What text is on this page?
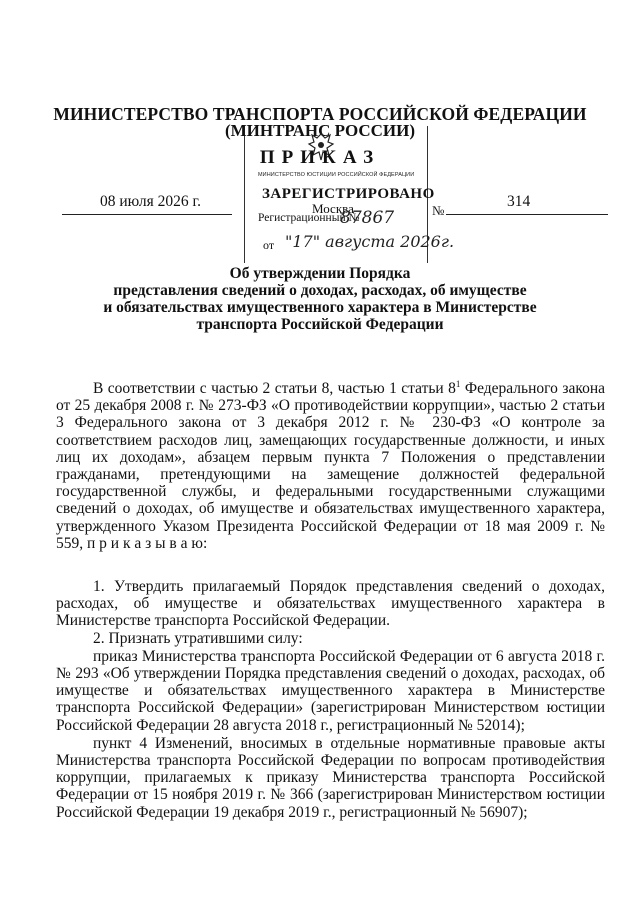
МИНИСТЕРСТВО ТРАНСПОРТА РОССИЙСКОЙ ФЕДЕРАЦИИ
(МИНТРАНС РОССИИ)
ПРИКАЗ
МИНИСТЕРСТВО ЮСТИЦИИ РОССИЙСКОЙ ФЕДЕРАЦИИ
08 июля 2026 г.	ЗАРЕГИСТРИРОВАНО
Москва
Регистрационный №
87867	№
от "17" августа 2026г.
314
Об утверждении Порядка
представления сведений о доходах, расходах, об имуществе
и обязательствах имущественного характера в Министерстве
транспорта Российской Федерации

В соответствии с частью 2 статьи 8, частью 1 статьи $8^1$ Федерального закона от 25 декабря 2008 г. № 273-ФЗ «О противодействии коррупции», частью 2 статьи 3 Федерального закона от 3 декабря 2012 г. № 230-ФЗ «О контроле за соответствием расходов лиц, замещающих государственные должности, и иных лиц их доходам», абзацем первым пункта 7 Положения о представлении гражданами, претендующими на замещение должностей федеральной государственной службы, и федеральными государственными служащими сведений о доходах, об имуществе и обязательствах имущественного характера, утвержденного Указом Президента Российской Федерации от 18 мая 2009 г. № 559, п р и к а з ы в а ю:

1. Утвердить прилагаемый Порядок представления сведений о доходах, расходах, об имуществе и обязательствах имущественного характера в Министерстве транспорта Российской Федерации.

2. Признать утратившими силу:

приказ Министерства транспорта Российской Федерации от 6 августа 2018 г. № 293 «Об утверждении Порядка представления сведений о доходах, расходах, об имуществе и обязательствах имущественного характера в Министерстве транспорта Российской Федерации» (зарегистрирован Министерством юстиции Российской Федерации 28 августа 2018 г., регистрационный № 52014);

пункт 4 Изменений, вносимых в отдельные нормативные правовые акты Министерства транспорта Российской Федерации по вопросам противодействия коррупции, прилагаемых к приказу Министерства транспорта Российской Федерации от 15 ноября 2019 г. № 366 (зарегистрирован Министерством юстиции Российской Федерации 19 декабря 2019 г., регистрационный № 56907);
